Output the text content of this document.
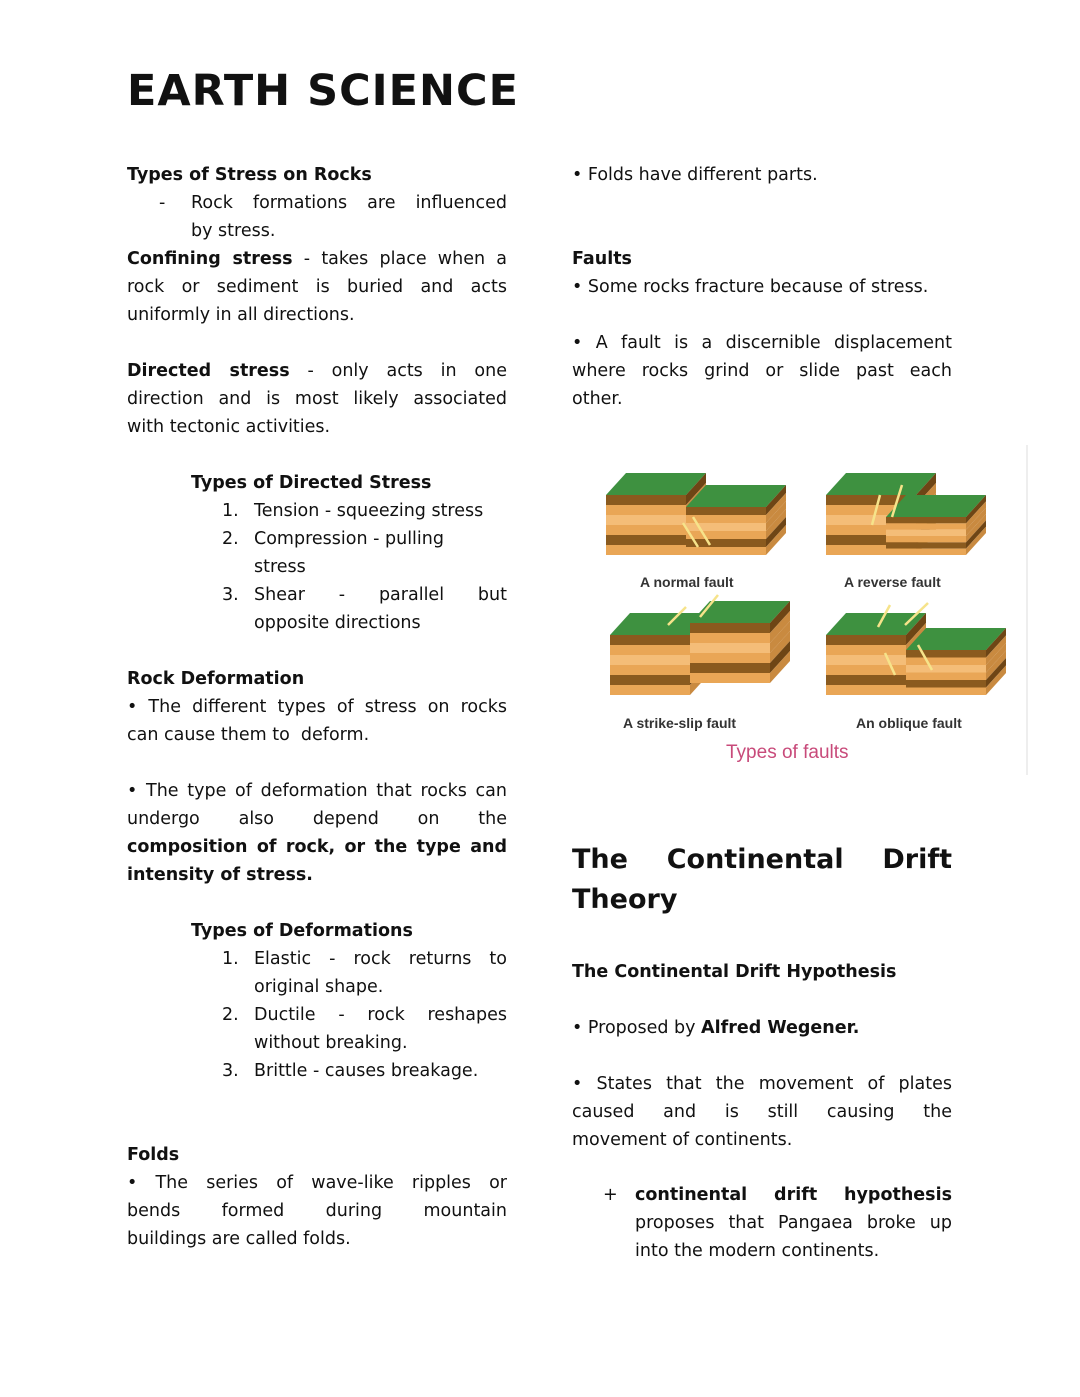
EARTH SCIENCE
Types of Stress on Rocks
- Rock formations are influenced
by stress.
Confining stress - takes place when a
rock or sediment is buried and acts
uniformly in all directions.
Directed stress - only acts in one
direction and is most likely associated
with tectonic activities.
Types of Directed Stress
1. Tension - squeezing stress
2. Compression - pulling
stress
3. Shear - parallel but
opposite directions
Rock Deformation
• The different types of stress on rocks
can cause them to  deform.
• The type of deformation that rocks can
undergo also depend on the
composition of rock, or the type and
intensity of stress.
Types of Deformations
1. Elastic - rock returns to
original shape.
2. Ductile - rock reshapes
without breaking.
3. Brittle - causes breakage.
Folds
• The series of wave-like ripples or
bends formed during mountain
buildings are called folds.
• Folds have different parts.
Faults
• Some rocks fracture because of stress.
• A fault is a discernible displacement
where rocks grind or slide past each
other.
A normal fault	A reverse fault
A strike-slip fault	An oblique fault
Types of faults
The Continental Drift
Theory
The Continental Drift Hypothesis
• Proposed by Alfred Wegener.
• States that the movement of plates
caused and is still causing the
movement of continents.
+ continental drift hypothesis
proposes that Pangaea broke up
into the modern continents.
